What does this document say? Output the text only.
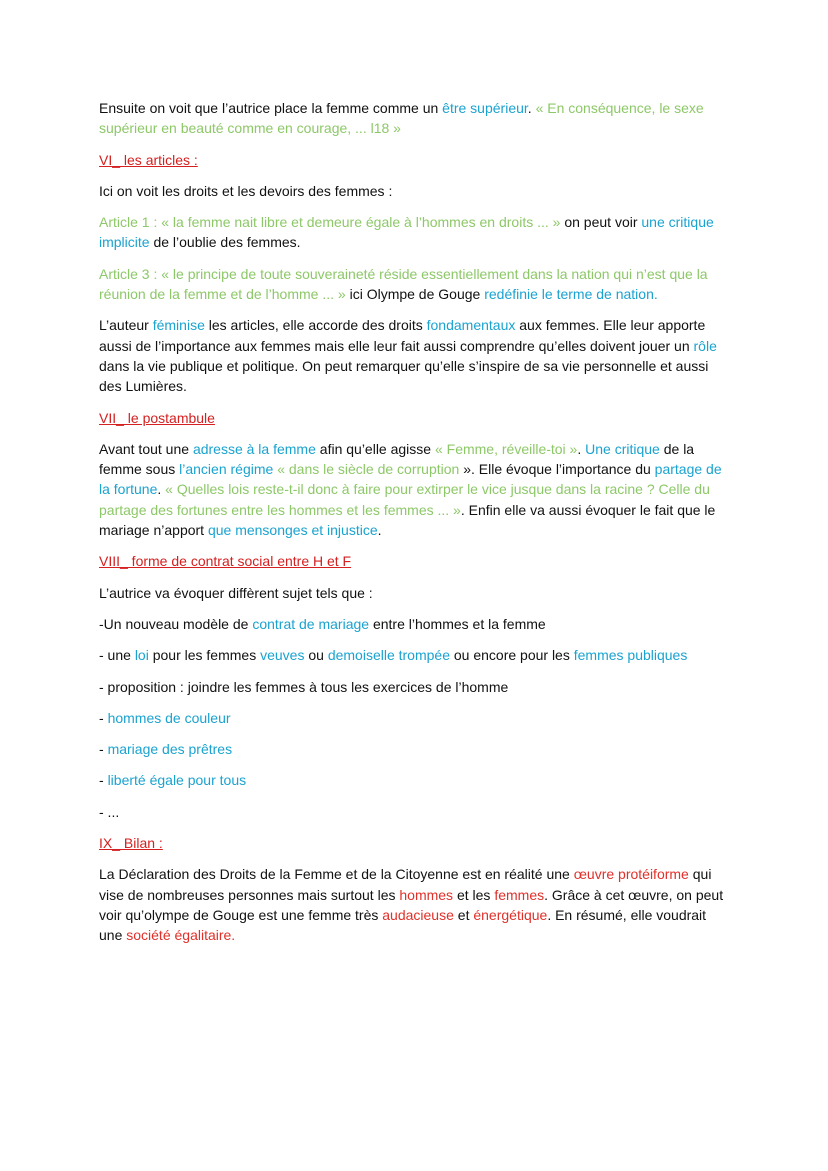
Ensuite on voit que l’autrice place la femme comme un être supérieur. « En conséquence, le sexe supérieur en beauté comme en courage, ... l18 »

VI_ les articles :

Ici on voit les droits et les devoirs des femmes :

Article 1 : « la femme nait libre et demeure égale à l’hommes en droits ... » on peut voir une critique implicite de l’oublie des femmes.

Article 3 : « le principe de toute souveraineté réside essentiellement dans la nation qui n’est que la réunion de la femme et de l’homme ... » ici Olympe de Gouge redéfinie le terme de nation.

L’auteur féminise les articles, elle accorde des droits fondamentaux aux femmes. Elle leur apporte aussi de l’importance aux femmes mais elle leur fait aussi comprendre qu’elles doivent jouer un rôle dans la vie publique et politique. On peut remarquer qu’elle s’inspire de sa vie personnelle et aussi des Lumières.

VII_ le postambule

Avant tout une adresse à la femme afin qu’elle agisse « Femme, réveille-toi ». Une critique de la femme sous l’ancien régime « dans le siècle de corruption ». Elle évoque l’importance du partage de la fortune. « Quelles lois reste-t-il donc à faire pour extirper le vice jusque dans la racine ? Celle du partage des fortunes entre les hommes et les femmes ... ». Enfin elle va aussi évoquer le fait que le mariage n’apport que mensonges et injustice.

VIII_ forme de contrat social entre H et F

L’autrice va évoquer diffèrent sujet tels que :

-Un nouveau modèle de contrat de mariage entre l’hommes et la femme

- une loi pour les femmes veuves ou demoiselle trompée ou encore pour les femmes publiques

- proposition : joindre les femmes à tous les exercices de l’homme

- hommes de couleur

- mariage des prêtres

- liberté égale pour tous

- ...

IX_ Bilan :

La Déclaration des Droits de la Femme et de la Citoyenne est en réalité une œuvre protéiforme qui vise de nombreuses personnes mais surtout les hommes et les femmes. Grâce à cet œuvre, on peut voir qu’olympe de Gouge est une femme très audacieuse et énergétique. En résumé, elle voudrait une société égalitaire.
